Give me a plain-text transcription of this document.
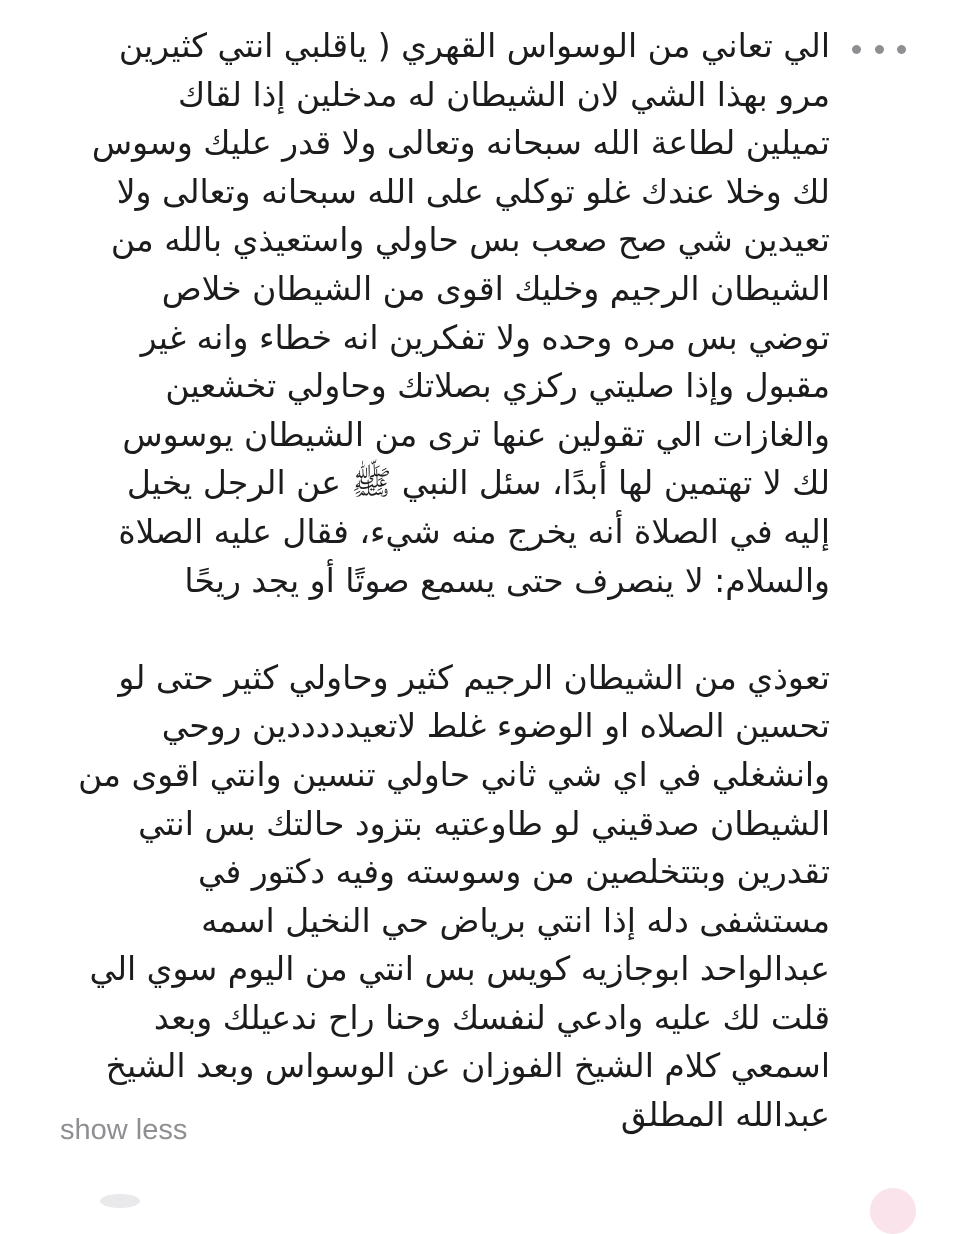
الي تعاني من الوسواس القهري ( ياقلبي انتي كثيرين
مرو بهذا الشي لان الشيطان له مدخلين إذا لقاك
تميلين لطاعة الله سبحانه وتعالى ولا قدر عليك وسوس
لك وخلا عندك غلو توكلي على الله سبحانه وتعالى ولا
تعيدين شي صح صعب بس حاولي واستعيذي بالله من
الشيطان الرجيم وخليك اقوى من الشيطان خلاص
توضي بس مره وحده ولا تفكرين انه خطاء وانه غير
مقبول وإذا صليتي ركزي بصلاتك وحاولي تخشعين
والغازات الي تقولين عنها ترى من الشيطان يوسوس
لك لا تهتمين لها أبدًا، سئل النبي ﷺ عن الرجل يخيل
إليه في الصلاة أنه يخرج منه شيء، فقال عليه الصلاة
والسلام: لا ينصرف حتى يسمع صوتًا أو يجد ريحًا
تعوذي من الشيطان الرجيم كثير وحاولي كثير حتى لو
تحسين الصلاه او الوضوء غلط لاتعيدددددين روحي
وانشغلي في اي شي ثاني حاولي تنسين وانتي اقوى من
الشيطان صدقيني لو طاوعتيه بتزود حالتك بس انتي
تقدرين وبتتخلصين من وسوسته وفيه دكتور في
مستشفى دله إذا انتي برياض حي النخيل اسمه
عبدالواحد ابوجازيه كويس بس انتي من اليوم سوي الي
قلت لك عليه وادعي لنفسك وحنا راح ندعيلك وبعد
اسمعي كلام الشيخ الفوزان عن الوسواس وبعد الشيخ
عبدالله المطلق
show less
